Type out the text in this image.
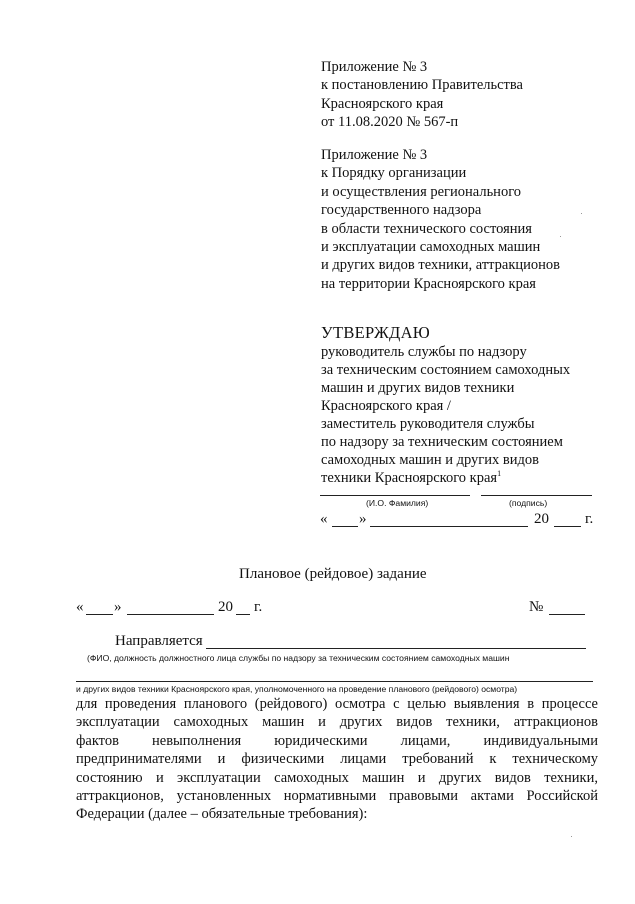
Приложение № 3
к постановлению Правительства
Красноярского края
от 11.08.2020 № 567-п
Приложение № 3
к Порядку организации
и осуществления регионального
государственного надзора
в области технического состояния
и эксплуатации самоходных машин
и других видов техники, аттракционов
на территории Красноярского края
УТВЕРЖДАЮ
руководитель службы по надзору
за техническим состоянием самоходных
машин и других видов техники
Красноярского края /
заместитель руководителя службы
по надзору за техническим состоянием
самоходных машин и других видов
техники Красноярского края$^1$
(И.О. Фамилия)	(подпись)
« »	20 г.
Плановое (рейдовое) задание
« »	20 г.	№
Направляется
(ФИО, должность должностного лица службы по надзору за техническим состоянием самоходных машин
и других видов техники Красноярского края, уполномоченного на проведение планового (рейдового) осмотра)
для проведения планового (рейдового) осмотра с целью выявления в процессе
эксплуатации самоходных машин и других видов техники, аттракционов
фактов невыполнения юридическими лицами, индивидуальными
предпринимателями и физическими лицами требований к техническому
состоянию и эксплуатации самоходных машин и других видов техники,
аттракционов, установленных нормативными правовыми актами Российской
Федерации (далее – обязательные требования):
